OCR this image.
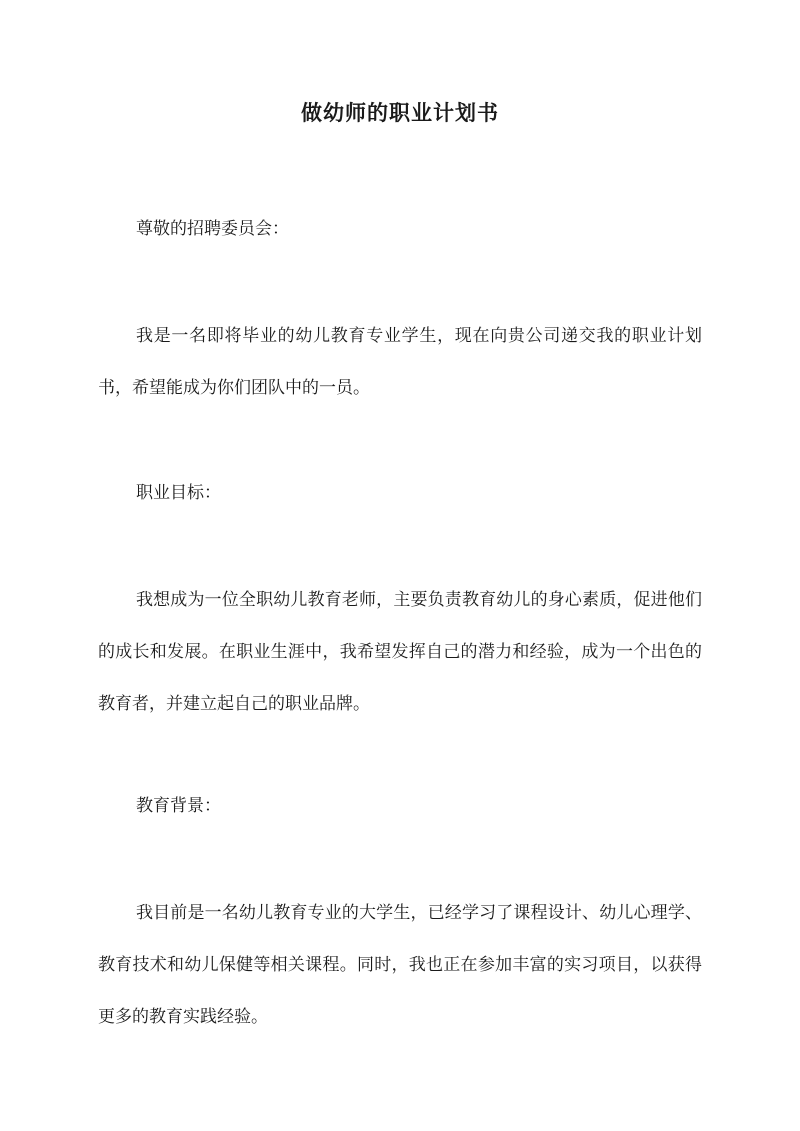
做幼师的职业计划书

尊敬的招聘委员会：

我是一名即将毕业的幼儿教育专业学生，现在向贵公司递交我的职业计划书，希望能成为你们团队中的一员。

职业目标：

我想成为一位全职幼儿教育老师，主要负责教育幼儿的身心素质，促进他们的成长和发展。在职业生涯中，我希望发挥自己的潜力和经验，成为一个出色的教育者，并建立起自己的职业品牌。

教育背景：

我目前是一名幼儿教育专业的大学生，已经学习了课程设计、幼儿心理学、教育技术和幼儿保健等相关课程。同时，我也正在参加丰富的实习项目，以获得更多的教育实践经验。
